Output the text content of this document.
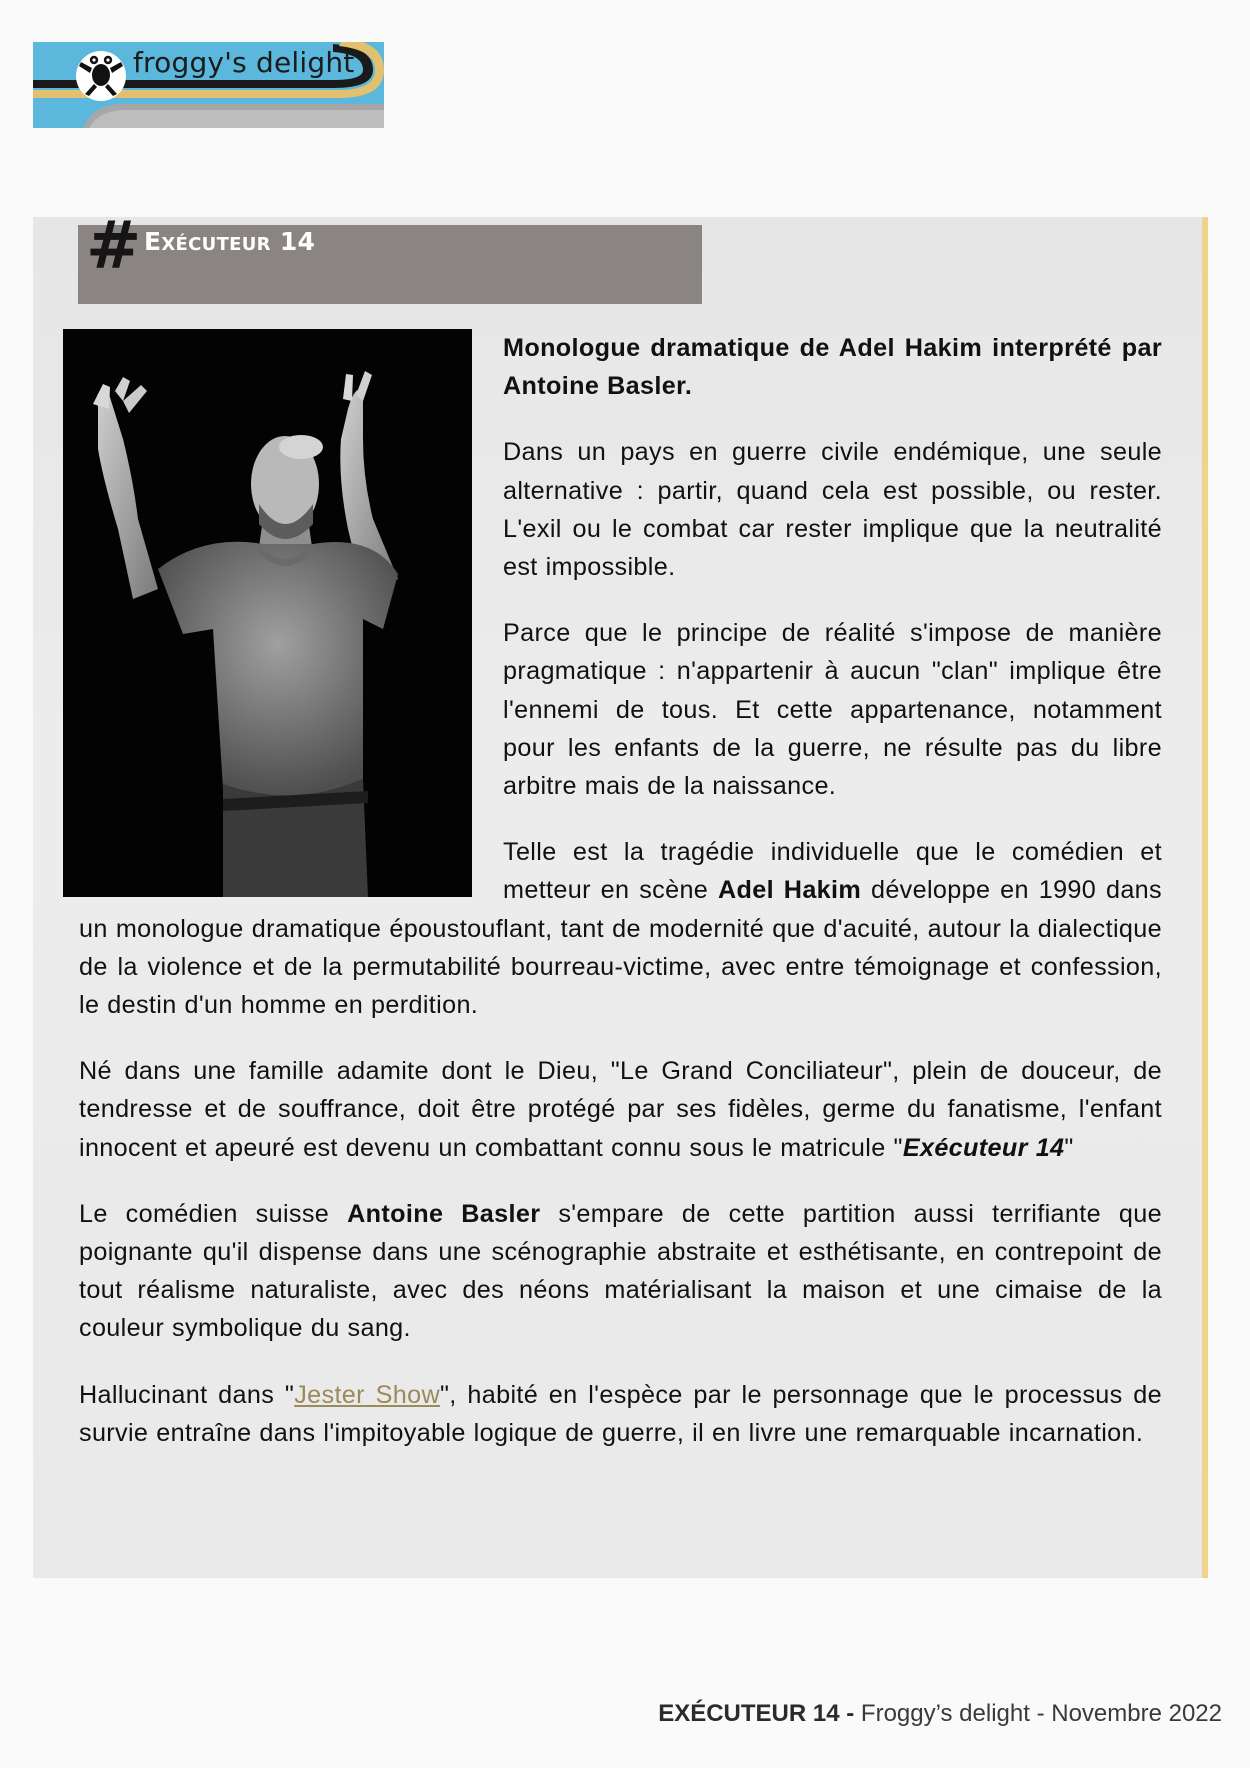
froggy's delight
# Exécuteur 14

Monologue dramatique de Adel Hakim interprété par Antoine Basler.

Dans un pays en guerre civile endémique, une seule alternative : partir, quand cela est possible, ou rester. L'exil ou le combat car rester implique que la neutralité est impossible.

Parce que le principe de réalité s'impose de manière pragmatique : n'appartenir à aucun "clan" implique être l'ennemi de tous. Et cette appartenance, notamment pour les enfants de la guerre, ne résulte pas du libre arbitre mais de la naissance.

Telle est la tragédie individuelle que le comédien et metteur en scène Adel Hakim développe en 1990 dans un monologue dramatique époustouflant, tant de modernité que d'acuité, autour la dialectique de la violence et de la permutabilité bourreau-victime, avec entre témoignage et confession, le destin d'un homme en perdition.

Né dans une famille adamite dont le Dieu, "Le Grand Conciliateur", plein de douceur, de tendresse et de souffrance, doit être protégé par ses fidèles, germe du fanatisme, l'enfant innocent et apeuré est devenu un combattant connu sous le matricule "Exécuteur 14"

Le comédien suisse Antoine Basler s'empare de cette partition aussi terrifiante que poignante qu'il dispense dans une scénographie abstraite et esthétisante, en contrepoint de tout réalisme naturaliste, avec des néons matérialisant la maison et une cimaise de la couleur symbolique du sang.

Hallucinant dans "Jester Show", habité en l'espèce par le personnage que le processus de survie entraîne dans l'impitoyable logique de guerre, il en livre une remarquable incarnation.

EXÉCUTEUR 14 - Froggy’s delight - Novembre 2022
